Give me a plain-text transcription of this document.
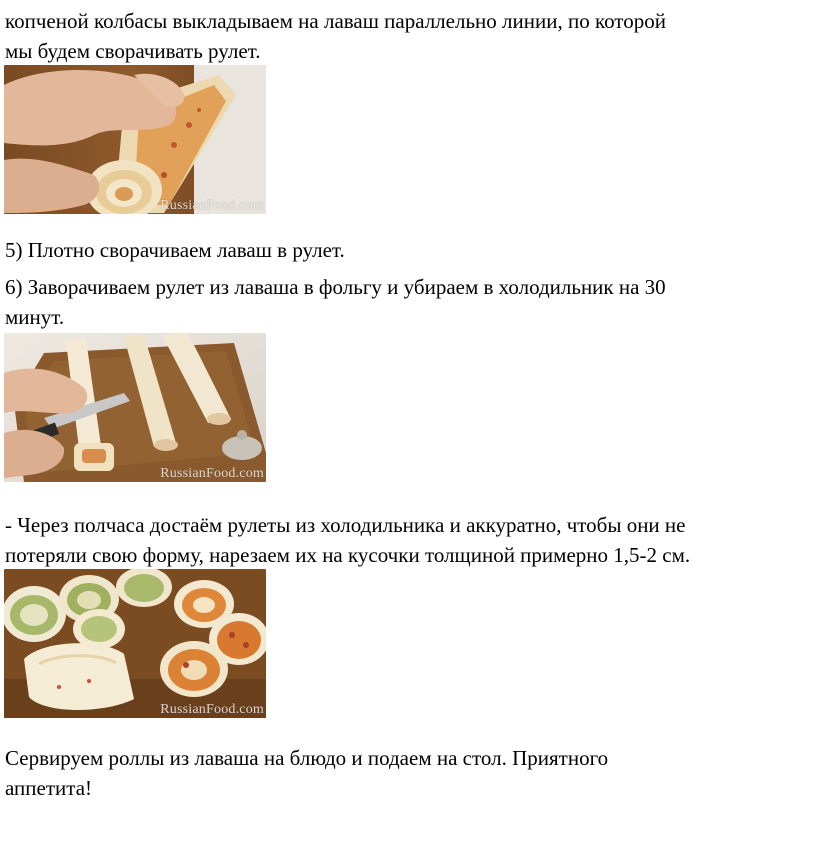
копченой колбасы выкладываем на лаваш параллельно линии, по которой

мы будем сворачивать рулет.

RussianFood.com

5) Плотно сворачиваем лаваш в рулет.

6) Заворачиваем рулет из лаваша в фольгу и убираем в холодильник на 30

минут.

RussianFood.com

- Через полчаса достаём рулеты из холодильника и аккуратно, чтобы они не

потеряли свою форму, нарезаем их на кусочки толщиной примерно 1,5-2 см.

RussianFood.com

Сервируем роллы из лаваша на блюдо и подаем на стол. Приятного

аппетита!
